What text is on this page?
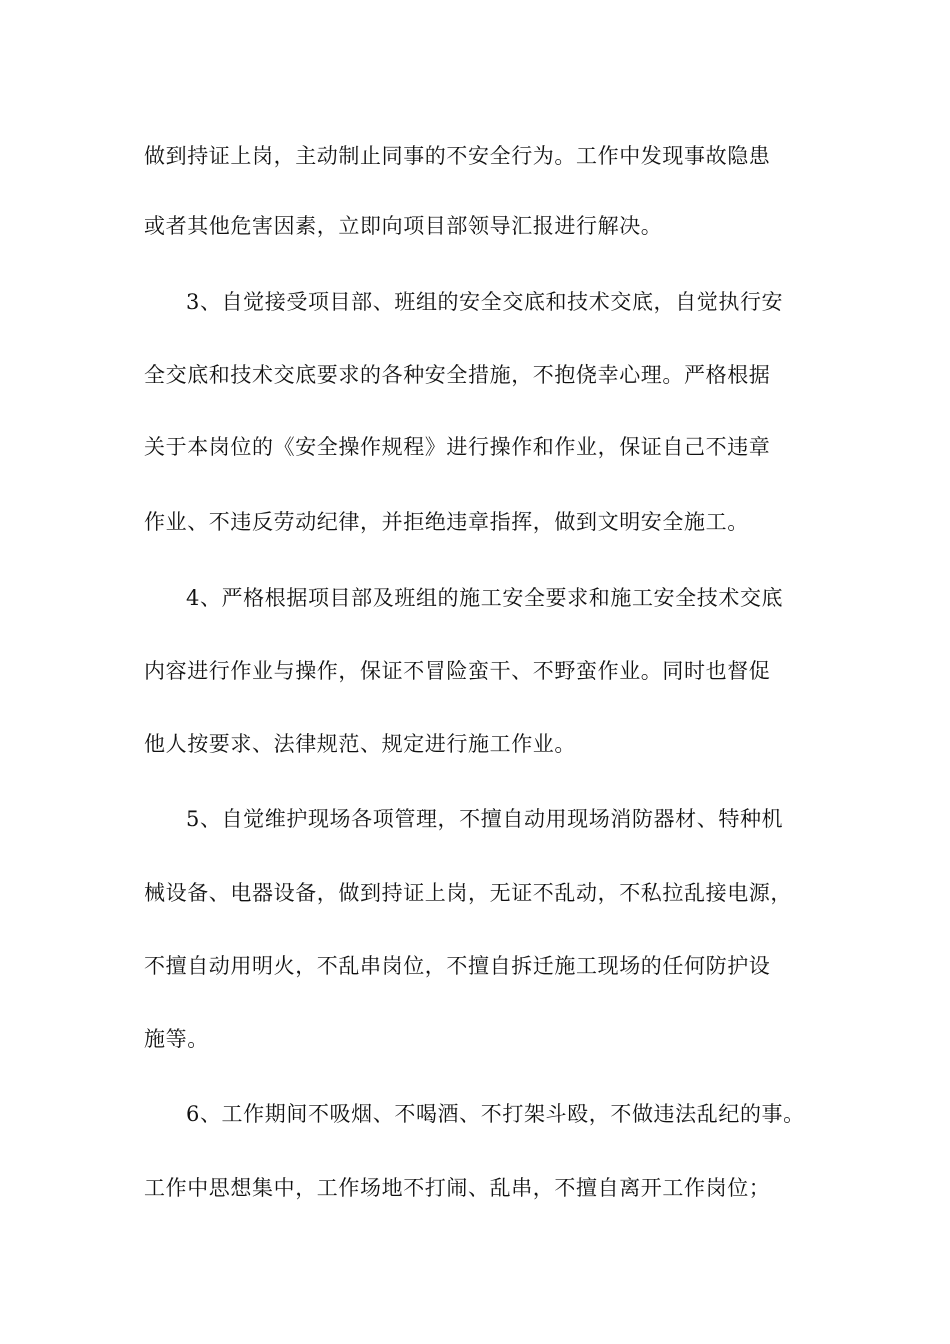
做到持证上岗，主动制止同事的不安全行为。工作中发现事故隐患
或者其他危害因素，立即向项目部领导汇报进行解决。
3、自觉接受项目部、班组的安全交底和技术交底，自觉执行安
全交底和技术交底要求的各种安全措施，不抱侥幸心理。严格根据
关于本岗位的《安全操作规程》进行操作和作业，保证自己不违章
作业、不违反劳动纪律，并拒绝违章指挥，做到文明安全施工。
4、严格根据项目部及班组的施工安全要求和施工安全技术交底
内容进行作业与操作，保证不冒险蛮干、不野蛮作业。同时也督促
他人按要求、法律规范、规定进行施工作业。
5、自觉维护现场各项管理，不擅自动用现场消防器材、特种机
械设备、电器设备，做到持证上岗，无证不乱动，不私拉乱接电源，
不擅自动用明火，不乱串岗位，不擅自拆迁施工现场的任何防护设
施等。
6、工作期间不吸烟、不喝酒、不打架斗殴，不做违法乱纪的事。
工作中思想集中，工作场地不打闹、乱串，不擅自离开工作岗位；
